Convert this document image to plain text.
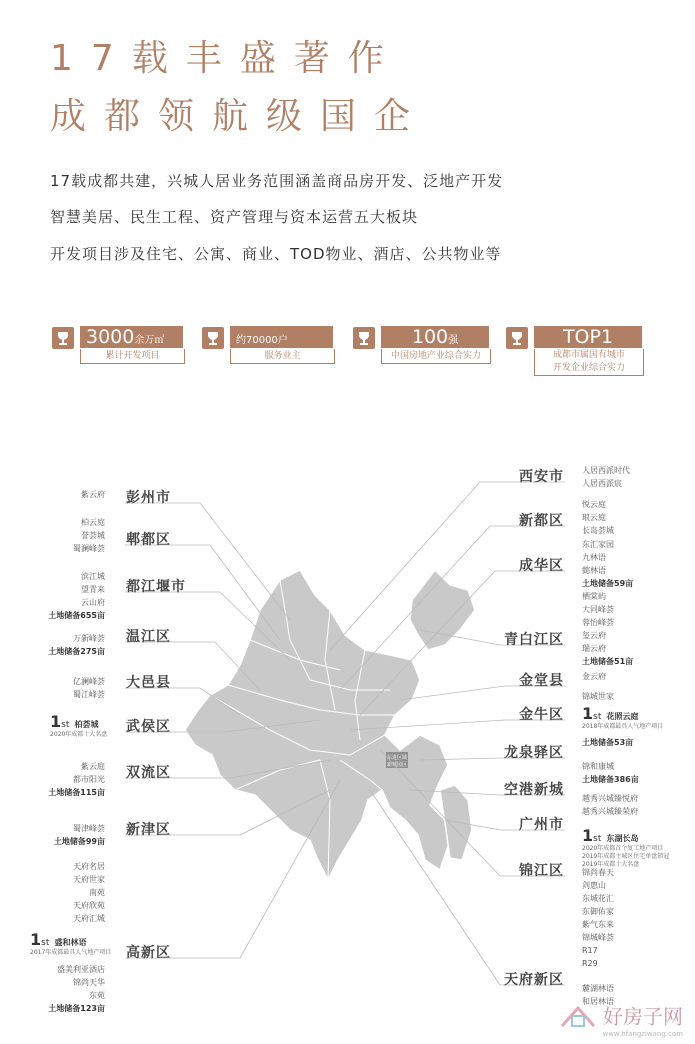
17载丰盛著作
成都领航级国企
17载成都共建，兴城人居业务范围涵盖商品房开发、泛地产开发
智慧美居、民生工程、资产管理与资本运营五大板块
开发项目涉及住宅、公寓、商业、TOD物业、酒店、公共物业等
3000余万㎡
累计开发项目
约70000户
服务业主
100强
中国房地产业综合实力
TOP1
成都市属国有城市
开发企业综合实力
东进区域
新城园区
彭州市
郫都区
都江堰市
温江区
大邑县
武侯区
双流区
新津区
高新区
紫云府
柏云庭
誉荟城
蜀澜峰荟
滨江城
望青来
云山府
土地储备655亩
万新峰荟
土地储备275亩
亿澜峰荟
蜀江峰荟
1st 柏荟城
2020年成都十大名盘
紫云庭
都市阳光
土地储备115亩
蜀津峰荟
土地储备99亩
天府名居
天府世家
南苑
天府欣苑
天府汇城
1st 盛和林语
2017年成都最具人气地产项目
盛美利亚酒店
锦尚天华
东苑
土地储备123亩
西安市
新都区
成华区
青白江区
金堂县
金牛区
龙泉驿区
空港新城
广州市
锦江区
天府新区
人居西派时代
人居西派宸
悦云庭
琅云庭
长岛荟城
东汇家园
九林语
懿林语
土地储备59亩
栖棠屿
大同峰荟
蓉怡峰荟
玺云府
瑞云府
土地储备51亩
金云府
锦城世家
1st 花照云庭
2018年成都最具人气地产项目
土地储备53亩
锦和康城
土地储备386亩
越秀兴城臻悦府
越秀兴城臻荣府
1st 东湖长岛
2020年成都首个复工地产项目
2019年成都主城区住宅单盘销冠
2019年成都十大名盘
锦尚春天
剑惠山
东城花汇
东御佑家
紫气东来
锦城峰荟
R17
R29
麓湖林语
和居林语
好房子网
www.hfangziwang.com
